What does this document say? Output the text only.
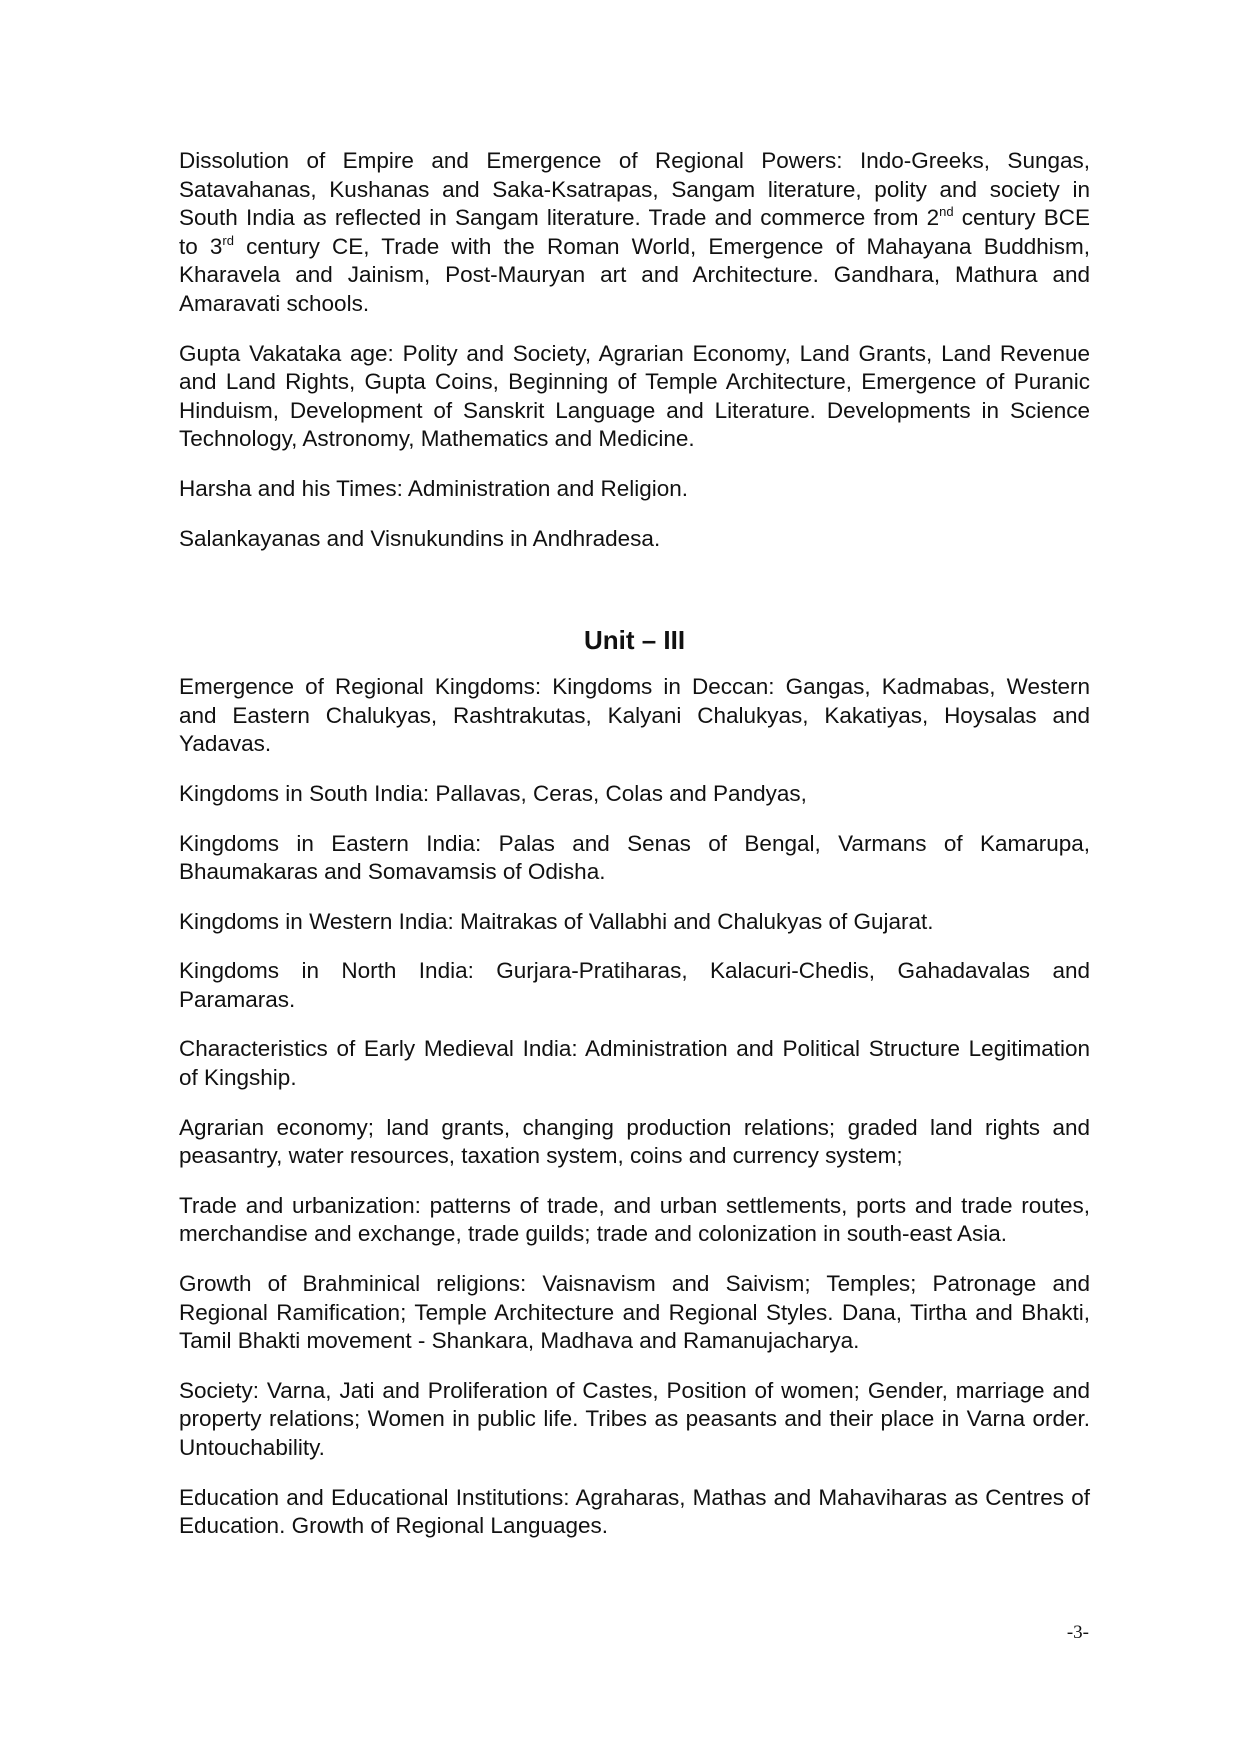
Dissolution of Empire and Emergence of Regional Powers: Indo-Greeks, Sungas, Satavahanas, Kushanas and Saka-Ksatrapas, Sangam literature, polity and society in South India as reflected in Sangam literature. Trade and commerce from 2nd century BCE to 3rd century CE, Trade with the Roman World, Emergence of Mahayana Buddhism, Kharavela and Jainism, Post-Mauryan art and Architecture. Gandhara, Mathura and Amaravati schools.

Gupta Vakataka age: Polity and Society, Agrarian Economy, Land Grants, Land Revenue and Land Rights, Gupta Coins, Beginning of Temple Architecture, Emergence of Puranic Hinduism, Development of Sanskrit Language and Literature. Developments in Science Technology, Astronomy, Mathematics and Medicine.

Harsha and his Times: Administration and Religion.

Salankayanas and Visnukundins in Andhradesa.

Unit – III

Emergence of Regional Kingdoms: Kingdoms in Deccan: Gangas, Kadmabas, Western and Eastern Chalukyas, Rashtrakutas, Kalyani Chalukyas, Kakatiyas, Hoysalas and Yadavas.

Kingdoms in South India: Pallavas, Ceras, Colas and Pandyas,

Kingdoms in Eastern India: Palas and Senas of Bengal, Varmans of Kamarupa, Bhaumakaras and Somavamsis of Odisha.

Kingdoms in Western India: Maitrakas of Vallabhi and Chalukyas of Gujarat.

Kingdoms in North India: Gurjara-Pratiharas, Kalacuri-Chedis, Gahadavalas and Paramaras.

Characteristics of Early Medieval India: Administration and Political Structure Legitimation of Kingship.

Agrarian economy; land grants, changing production relations; graded land rights and peasantry, water resources, taxation system, coins and currency system;

Trade and urbanization: patterns of trade, and urban settlements, ports and trade routes, merchandise and exchange, trade guilds; trade and colonization in south-east Asia.

Growth of Brahminical religions: Vaisnavism and Saivism; Temples; Patronage and Regional Ramification; Temple Architecture and Regional Styles. Dana, Tirtha and Bhakti, Tamil Bhakti movement - Shankara, Madhava and Ramanujacharya.

Society: Varna, Jati and Proliferation of Castes, Position of women; Gender, marriage and property relations; Women in public life. Tribes as peasants and their place in Varna order. Untouchability.

Education and Educational Institutions: Agraharas, Mathas and Mahaviharas as Centres of Education. Growth of Regional Languages.

-3-
